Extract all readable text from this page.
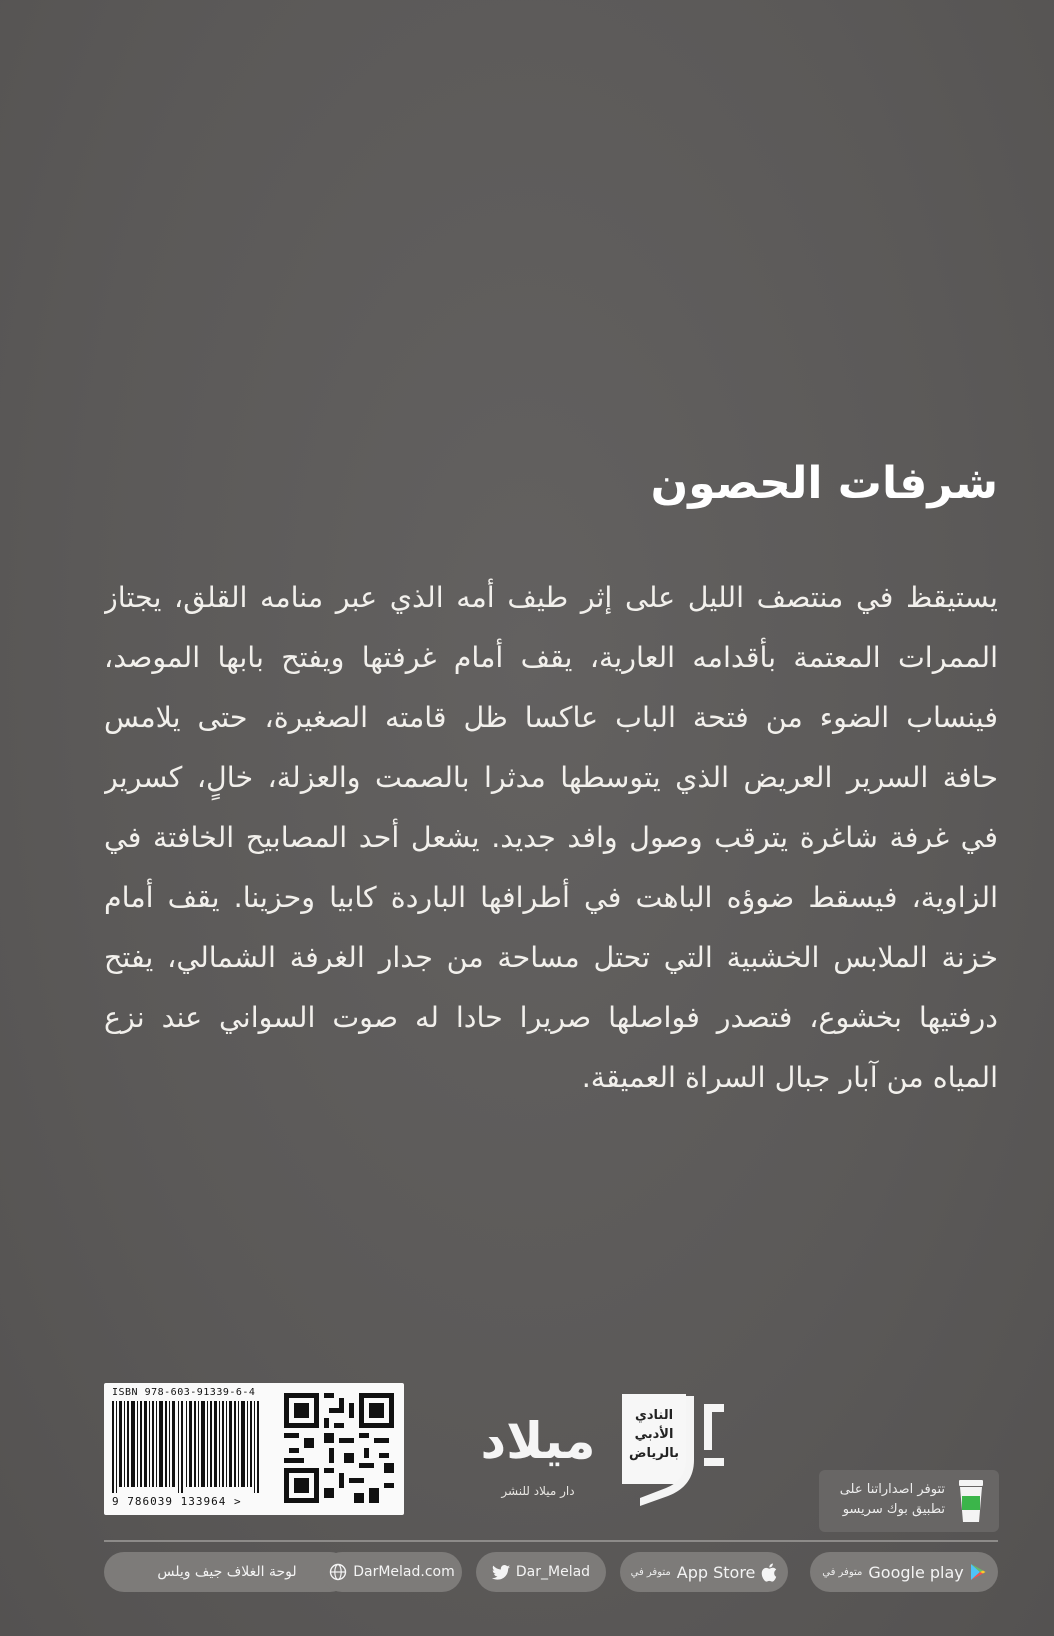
شرفات الحصون
يستيقظ في منتصف الليل على إثر طيف أمه الذي عبر منامه القلق، يجتاز
الممرات المعتمة بأقدامه العارية، يقف أمام غرفتها ويفتح بابها الموصد،
فينساب الضوء من فتحة الباب عاكسا ظل قامته الصغيرة، حتى يلامس
حافة السرير العريض الذي يتوسطها مدثرا بالصمت والعزلة، خالٍ، كسرير
في غرفة شاغرة يترقب وصول وافد جديد. يشعل أحد المصابيح الخافتة في
الزاوية، فيسقط ضوؤه الباهت في أطرافها الباردة كابيا وحزينا. يقف أمام
خزنة الملابس الخشبية التي تحتل مساحة من جدار الغرفة الشمالي، يفتح
درفتيها بخشوع، فتصدر فواصلها صريرا حادا له صوت السواني عند نزع
المياه من آبار جبال السراة العميقة.
ISBN 978-603-91339-6-4
9 786039 133964 >
ميلاد
دار ميلاد للنشر
النادي
الأدبي
بالرياض
تتوفر اصداراتنا على
تطبيق بوك سريسو
لوحة الغلاف جيف ويلس	DarMelad.com	Dar_Melad	متوفر في App Store	متوفر في Google play
